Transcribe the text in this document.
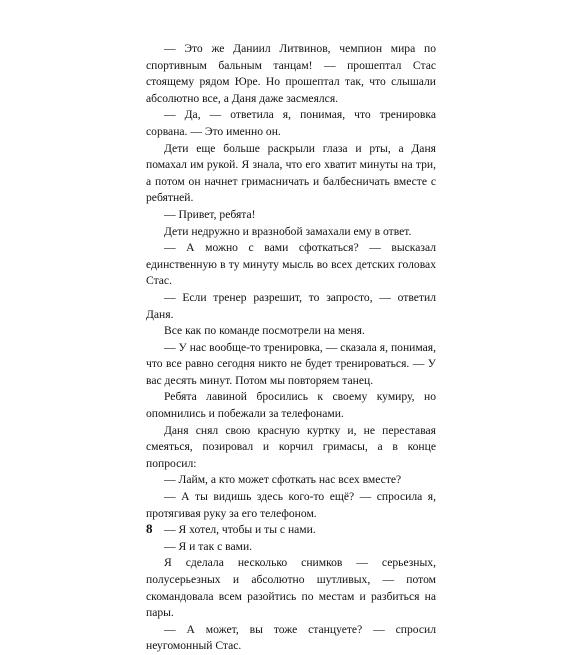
— Это же Даниил Литвинов, чемпион мира по спортивным бальным танцам! — прошептал Стас стоящему рядом Юре. Но прошептал так, что слышали абсолютно все, а Даня даже засмеялся.

— Да, — ответила я, понимая, что тренировка сорвана. — Это именно он.

Дети еще больше раскрыли глаза и рты, а Даня помахал им рукой. Я знала, что его хватит минуты на три, а потом он начнет гримасничать и балбесничать вместе с ребятней.

— Привет, ребята!

Дети недружно и вразнобой замахали ему в ответ.

— А можно с вами сфоткаться? — высказал единственную в ту минуту мысль во всех детских головах Стас.

— Если тренер разрешит, то запросто, — ответил Даня.

Все как по команде посмотрели на меня.

— У нас вообще-то тренировка, — сказала я, понимая, что все равно сегодня никто не будет тренироваться. — У вас десять минут. Потом мы повторяем танец.

Ребята лавиной бросились к своему кумиру, но опомнились и побежали за телефонами.

Даня снял свою красную куртку и, не переставая смеяться, позировал и корчил гримасы, а в конце попросил:

— Лайм, а кто может сфоткать нас всех вместе?

— А ты видишь здесь кого-то ещё? — спросила я, протягивая руку за его телефоном.

— Я хотел, чтобы и ты с нами.

— Я и так с вами.

Я сделала несколько снимков — серьезных, полусерьезных и абсолютно шутливых, — потом скомандовала всем разойтись по местам и разбиться на пары.

— А может, вы тоже станцуете? — спросил неугомонный Стас.

8
